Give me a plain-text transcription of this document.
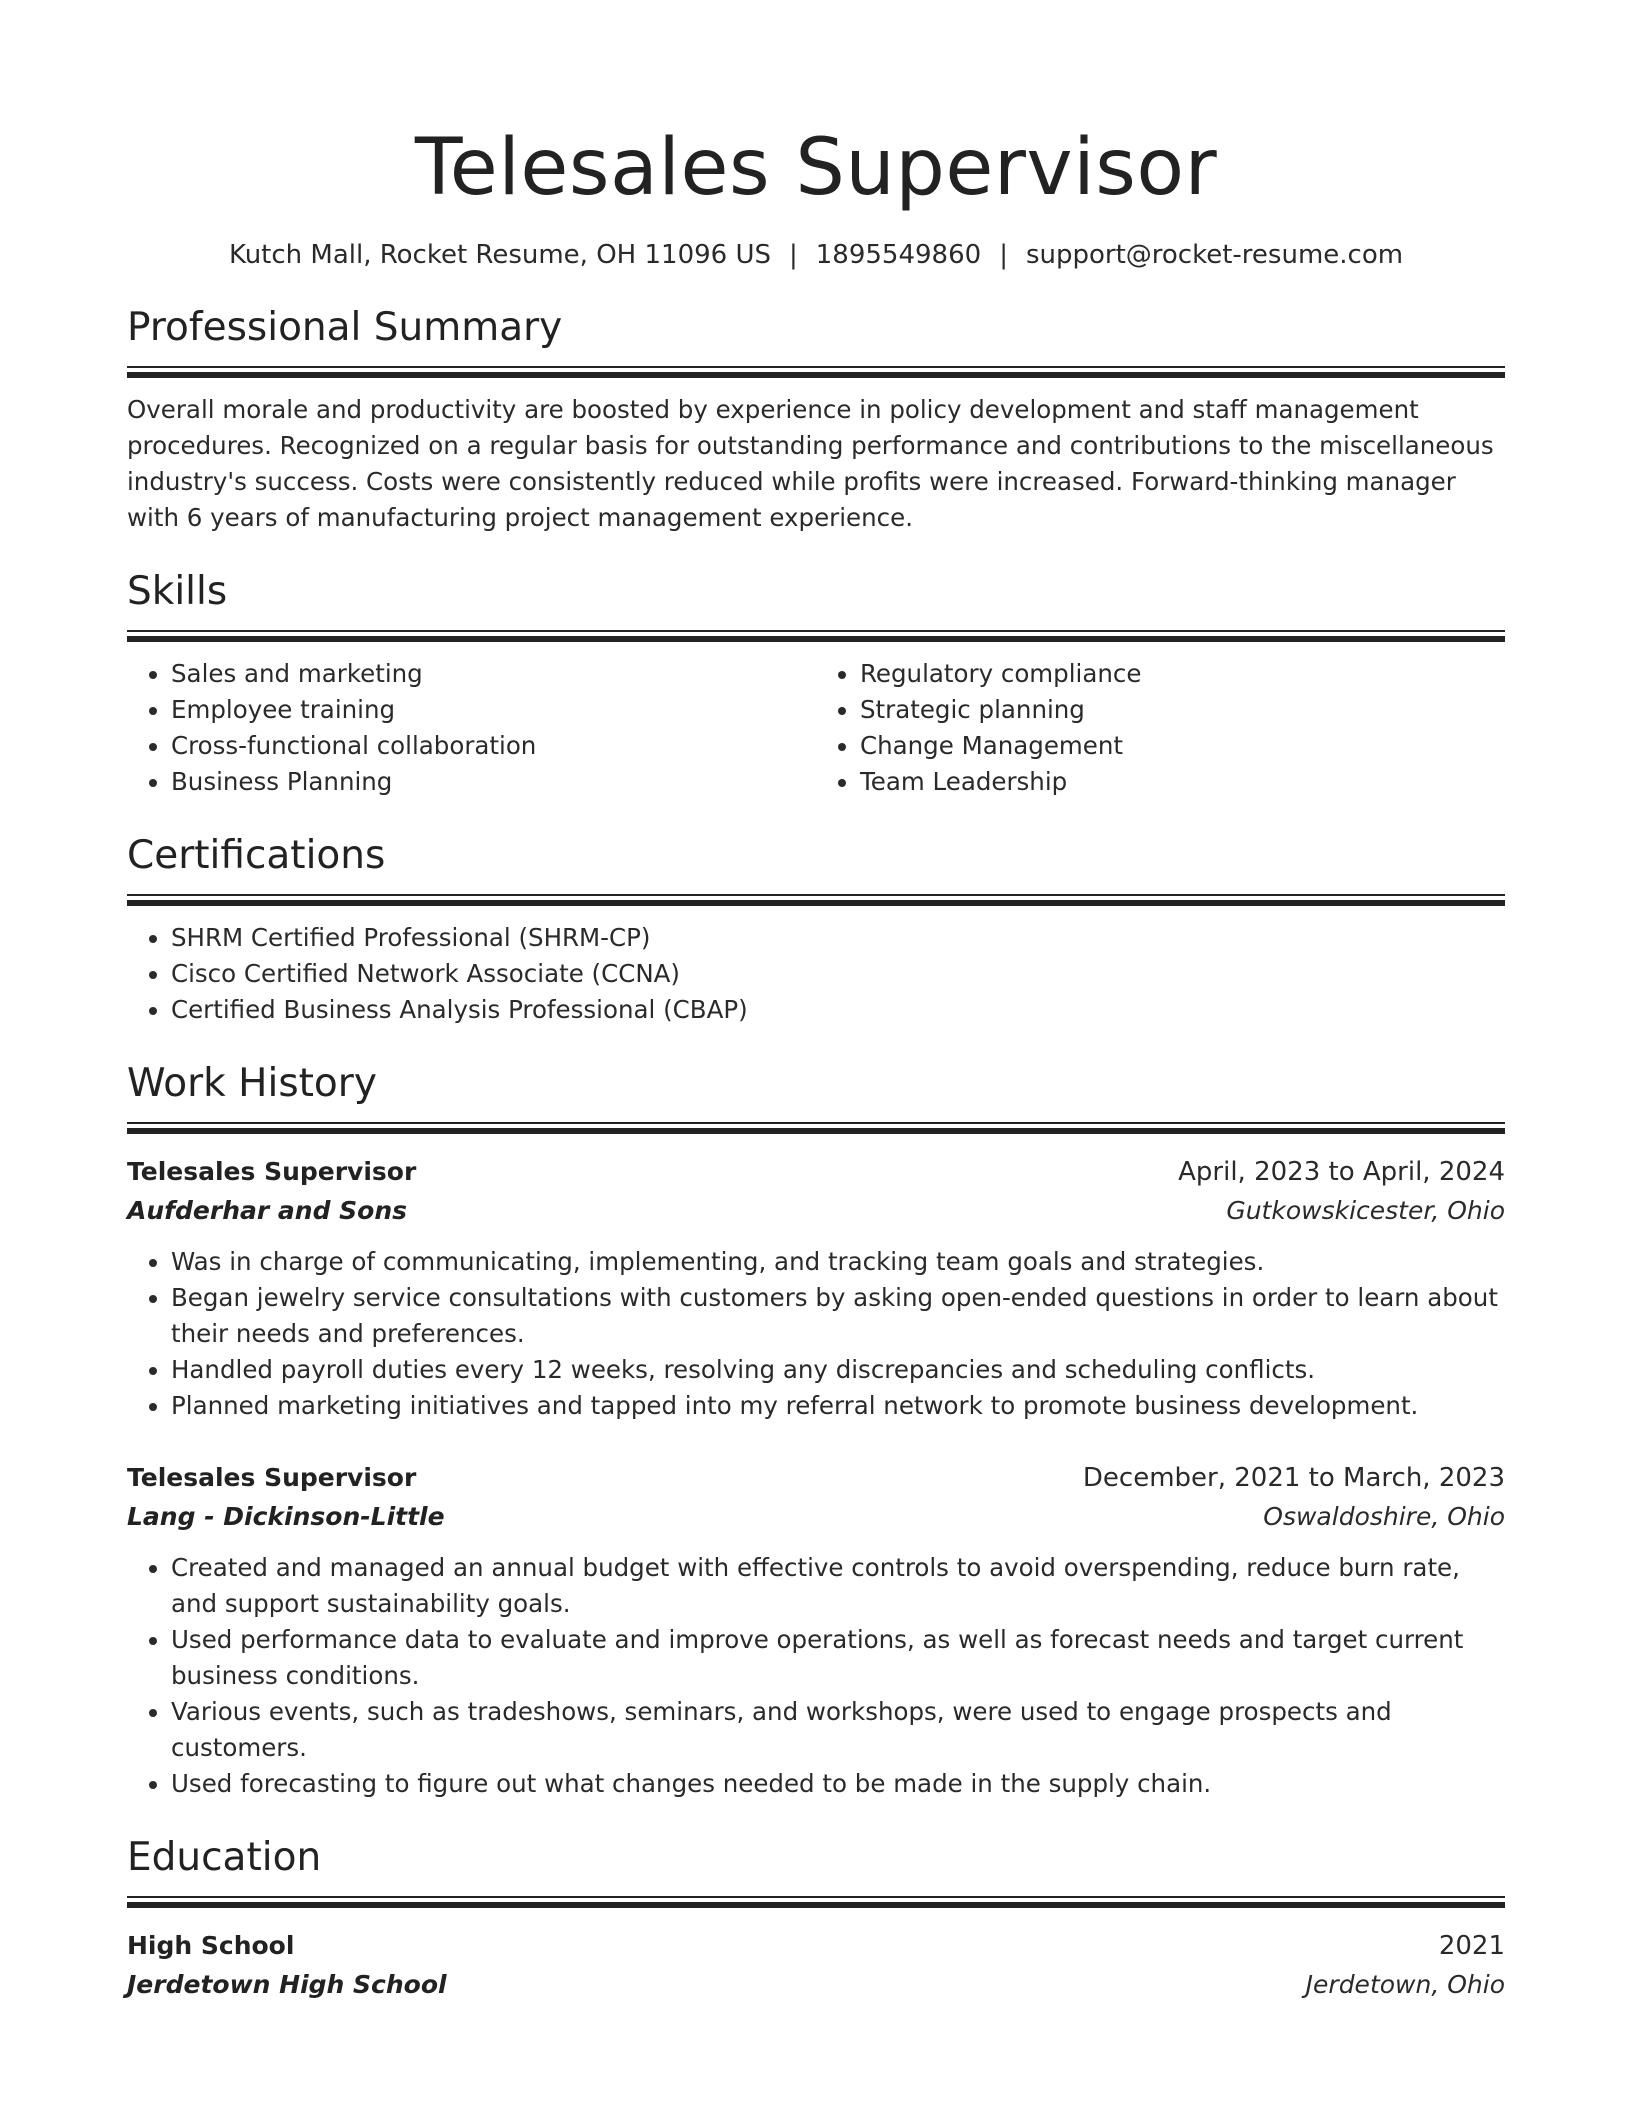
Telesales Supervisor
Kutch Mall, Rocket Resume, OH 11096 US | 1895549860 | support@rocket-resume.com
Professional Summary
Overall morale and productivity are boosted by experience in policy development and staff management procedures. Recognized on a regular basis for outstanding performance and contributions to the miscellaneous industry's success. Costs were consistently reduced while profits were increased. Forward-thinking manager with 6 years of manufacturing project management experience.
Skills
• Sales and marketing
• Employee training
• Cross-functional collaboration
• Business Planning
• Regulatory compliance
• Strategic planning
• Change Management
• Team Leadership
Certifications
• SHRM Certified Professional (SHRM-CP)
• Cisco Certified Network Associate (CCNA)
• Certified Business Analysis Professional (CBAP)
Work History
Telesales Supervisor	April, 2023 to April, 2024
Aufderhar and Sons	Gutkowskicester, Ohio
• Was in charge of communicating, implementing, and tracking team goals and strategies.
• Began jewelry service consultations with customers by asking open-ended questions in order to learn about their needs and preferences.
• Handled payroll duties every 12 weeks, resolving any discrepancies and scheduling conflicts.
• Planned marketing initiatives and tapped into my referral network to promote business development.
Telesales Supervisor	December, 2021 to March, 2023
Lang - Dickinson-Little	Oswaldoshire, Ohio
• Created and managed an annual budget with effective controls to avoid overspending, reduce burn rate, and support sustainability goals.
• Used performance data to evaluate and improve operations, as well as forecast needs and target current business conditions.
• Various events, such as tradeshows, seminars, and workshops, were used to engage prospects and customers.
• Used forecasting to figure out what changes needed to be made in the supply chain.
Education
High School	2021
Jerdetown High School	Jerdetown, Ohio
